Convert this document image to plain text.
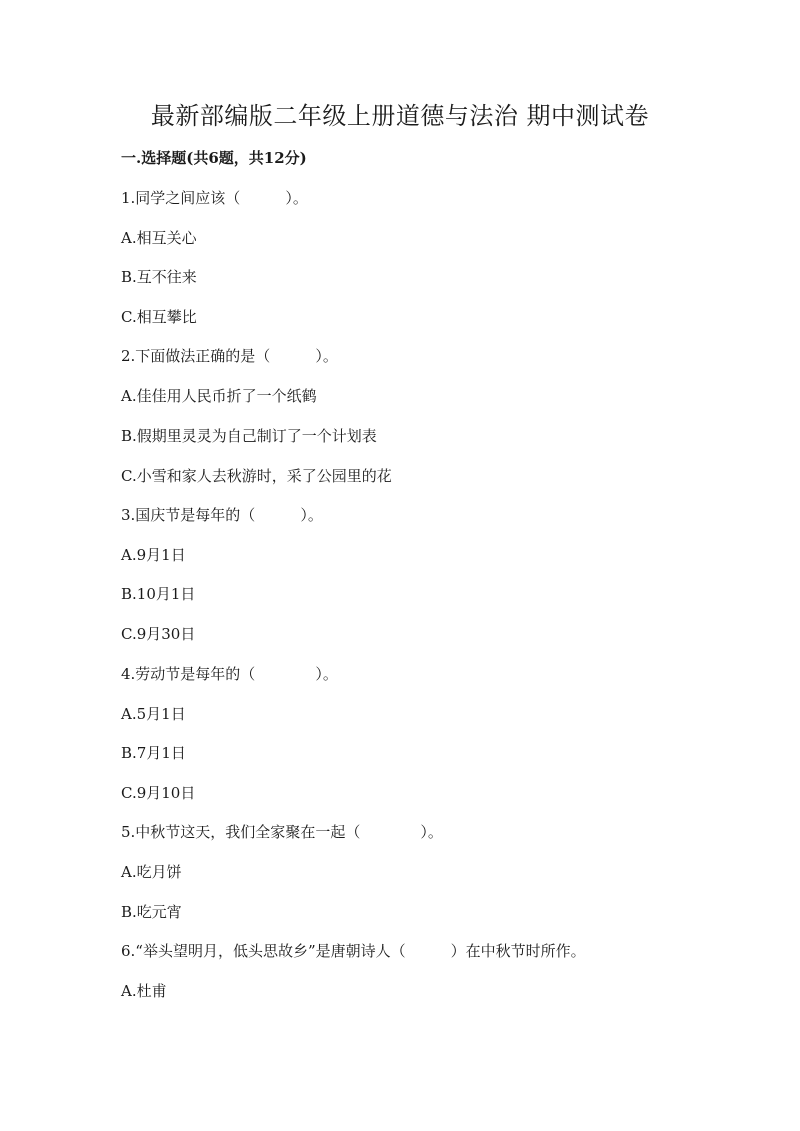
最新部编版二年级上册道德与法治 期中测试卷
一.选择题(共6题，共12分)
1.同学之间应该（　　　）。
A.相互关心
B.互不往来
C.相互攀比
2.下面做法正确的是（　　　）。
A.佳佳用人民币折了一个纸鹤
B.假期里灵灵为自己制订了一个计划表
C.小雪和家人去秋游时，采了公园里的花
3.国庆节是每年的（　　　）。
A.9月1日
B.10月1日
C.9月30日
4.劳动节是每年的（　　　　）。
A.5月1日
B.7月1日
C.9月10日
5.中秋节这天，我们全家聚在一起（　　　　）。
A.吃月饼
B.吃元宵
6.“举头望明月，低头思故乡”是唐朝诗人（　　　）在中秋节时所作。
A.杜甫
